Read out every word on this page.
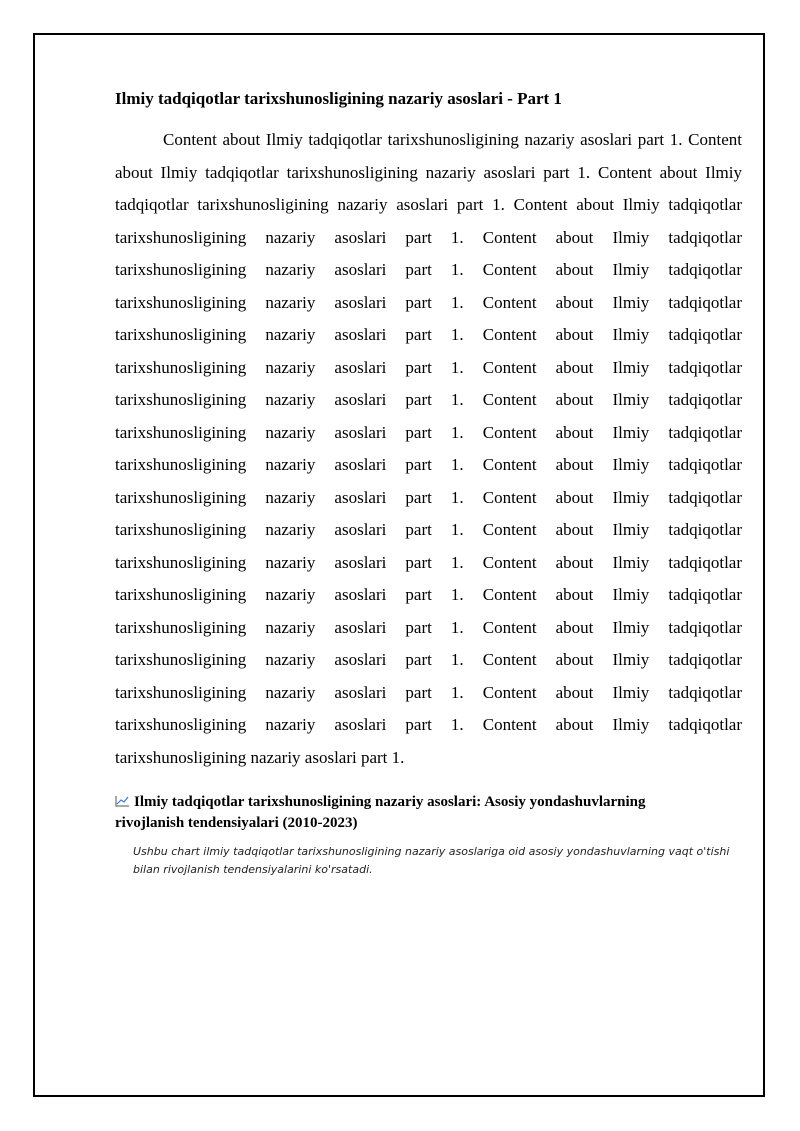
Ilmiy tadqiqotlar tarixshunosligining nazariy asoslari - Part 1

Content about Ilmiy tadqiqotlar tarixshunosligining nazariy asoslari part 1. Content about Ilmiy tadqiqotlar tarixshunosligining nazariy asoslari part 1. Content about Ilmiy tadqiqotlar tarixshunosligining nazariy asoslari part 1. Content about Ilmiy tadqiqotlar tarixshunosligining nazariy asoslari part 1. Content about Ilmiy tadqiqotlar tarixshunosligining nazariy asoslari part 1. Content about Ilmiy tadqiqotlar tarixshunosligining nazariy asoslari part 1. Content about Ilmiy tadqiqotlar tarixshunosligining nazariy asoslari part 1. Content about Ilmiy tadqiqotlar tarixshunosligining nazariy asoslari part 1. Content about Ilmiy tadqiqotlar tarixshunosligining nazariy asoslari part 1. Content about Ilmiy tadqiqotlar tarixshunosligining nazariy asoslari part 1. Content about Ilmiy tadqiqotlar tarixshunosligining nazariy asoslari part 1. Content about Ilmiy tadqiqotlar tarixshunosligining nazariy asoslari part 1. Content about Ilmiy tadqiqotlar tarixshunosligining nazariy asoslari part 1. Content about Ilmiy tadqiqotlar tarixshunosligining nazariy asoslari part 1. Content about Ilmiy tadqiqotlar tarixshunosligining nazariy asoslari part 1. Content about Ilmiy tadqiqotlar tarixshunosligining nazariy asoslari part 1. Content about Ilmiy tadqiqotlar tarixshunosligining nazariy asoslari part 1. Content about Ilmiy tadqiqotlar tarixshunosligining nazariy asoslari part 1. Content about Ilmiy tadqiqotlar tarixshunosligining nazariy asoslari part 1. Content about Ilmiy tadqiqotlar tarixshunosligining nazariy asoslari part 1.

Ilmiy tadqiqotlar tarixshunosligining nazariy asoslari: Asosiy yondashuvlarning rivojlanish tendensiyalari (2010-2023)

Ushbu chart ilmiy tadqiqotlar tarixshunosligining nazariy asoslariga oid asosiy yondashuvlarning vaqt o'tishi bilan rivojlanish tendensiyalarini ko'rsatadi.
